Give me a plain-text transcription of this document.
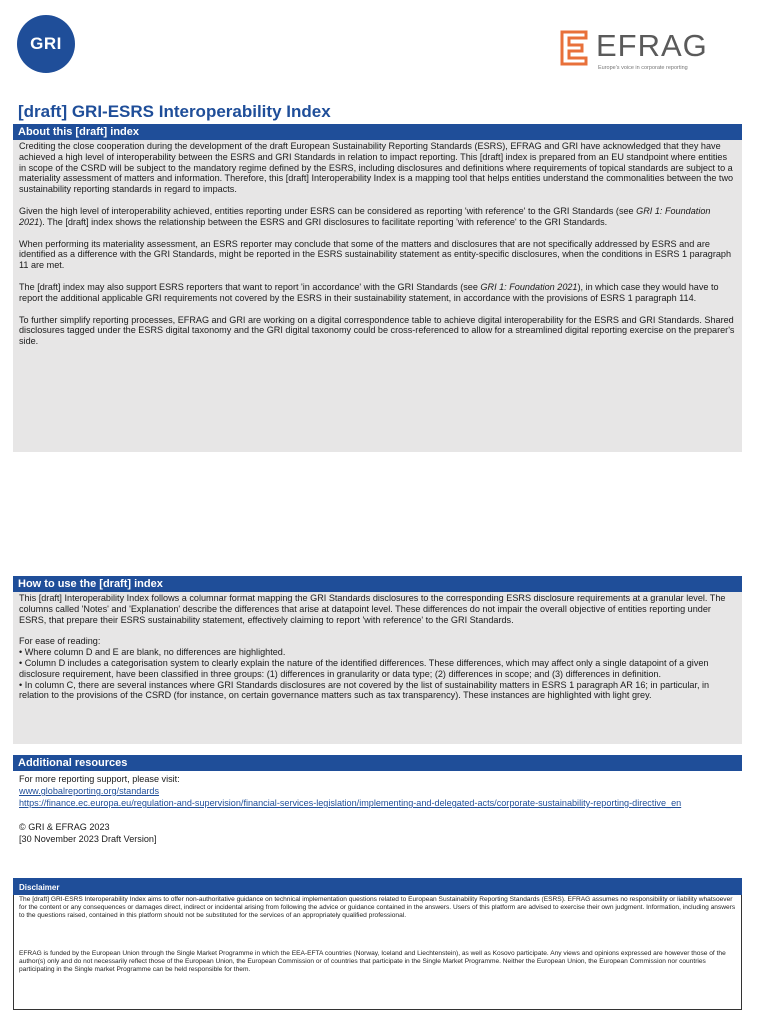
GRI	EFRAG
Europe's voice in corporate reporting
[draft] GRI-ESRS Interoperability Index
About this [draft] index

Crediting the close cooperation during the development of the draft European Sustainability Reporting Standards (ESRS), EFRAG and GRI have acknowledged that they have achieved a high level of interoperability between the ESRS and GRI Standards in relation to impact reporting. This [draft] index is prepared from an EU standpoint where entities in scope of the CSRD will be subject to the mandatory regime defined by the ESRS, including disclosures and definitions where requirements of topical standards are subject to a materiality assessment of matters and information. Therefore, this [draft] Interoperability Index is a mapping tool that helps entities understand the commonalities between the two sustainability reporting standards in regard to impacts.

Given the high level of interoperability achieved, entities reporting under ESRS can be considered as reporting 'with reference' to the GRI Standards (see GRI 1: Foundation 2021). The [draft] index shows the relationship between the ESRS and GRI disclosures to facilitate reporting 'with reference' to the GRI Standards.

When performing its materiality assessment, an ESRS reporter may conclude that some of the matters and disclosures that are not specifically addressed by ESRS and are identified as a difference with the GRI Standards, might be reported in the ESRS sustainability statement as entity-specific disclosures, when the conditions in ESRS 1 paragraph 11 are met.

The [draft] index may also support ESRS reporters that want to report 'in accordance' with the GRI Standards (see GRI 1: Foundation 2021), in which case they would have to report the additional applicable GRI requirements not covered by the ESRS in their sustainability statement, in accordance with the provisions of ESRS 1 paragraph 114.

To further simplify reporting processes, EFRAG and GRI are working on a digital correspondence table to achieve digital interoperability for the ESRS and GRI Standards. Shared disclosures tagged under the ESRS digital taxonomy and the GRI digital taxonomy could be cross-referenced to allow for a streamlined digital reporting exercise on the preparer's side.

How to use the [draft] index

This [draft] Interoperability Index follows a columnar format mapping the GRI Standards disclosures to the corresponding ESRS disclosure requirements at a granular level. The columns called 'Notes' and 'Explanation' describe the differences that arise at datapoint level. These differences do not impair the overall objective of entities reporting under ESRS, that prepare their ESRS sustainability statement, effectively claiming to report 'with reference' to the GRI Standards.

For ease of reading:
• Where column D and E are blank, no differences are highlighted.
• Column D includes a categorisation system to clearly explain the nature of the identified differences. These differences, which may affect only a single datapoint of a given disclosure requirement, have been classified in three groups: (1) differences in granularity or data type; (2) differences in scope; and (3) differences in definition.
• In column C, there are several instances where GRI Standards disclosures are not covered by the list of sustainability matters in ESRS 1 paragraph AR 16; in particular, in relation to the provisions of the CSRD (for instance, on certain governance matters such as tax transparency). These instances are highlighted with light grey.
Additional resources
For more reporting support, please visit:
www.globalreporting.org/standards
https://finance.ec.europa.eu/regulation-and-supervision/financial-services-legislation/implementing-and-delegated-acts/corporate-sustainability-reporting-directive_en
© GRI & EFRAG 2023
[30 November 2023 Draft Version]
Disclaimer

The [draft] GRI-ESRS Interoperability Index aims to offer non-authoritative guidance on technical implementation questions related to European Sustainability Reporting Standards (ESRS). EFRAG assumes no responsibility or liability whatsoever for the content or any consequences or damages direct, indirect or incidental arising from following the advice or guidance contained in the answers. Users of this platform are advised to exercise their own judgment. Information, including answers to the questions raised, contained in this platform should not be substituted for the services of an appropriately qualified professional.

EFRAG is funded by the European Union through the Single Market Programme in which the EEA-EFTA countries (Norway, Iceland and Liechtenstein), as well as Kosovo participate. Any views and opinions expressed are however those of the author(s) only and do not necessarily reflect those of the European Union, the European Commission or of countries that participate in the Single Market Programme. Neither the European Union, the European Commission nor countries participating in the Single market Programme can be held responsible for them.
